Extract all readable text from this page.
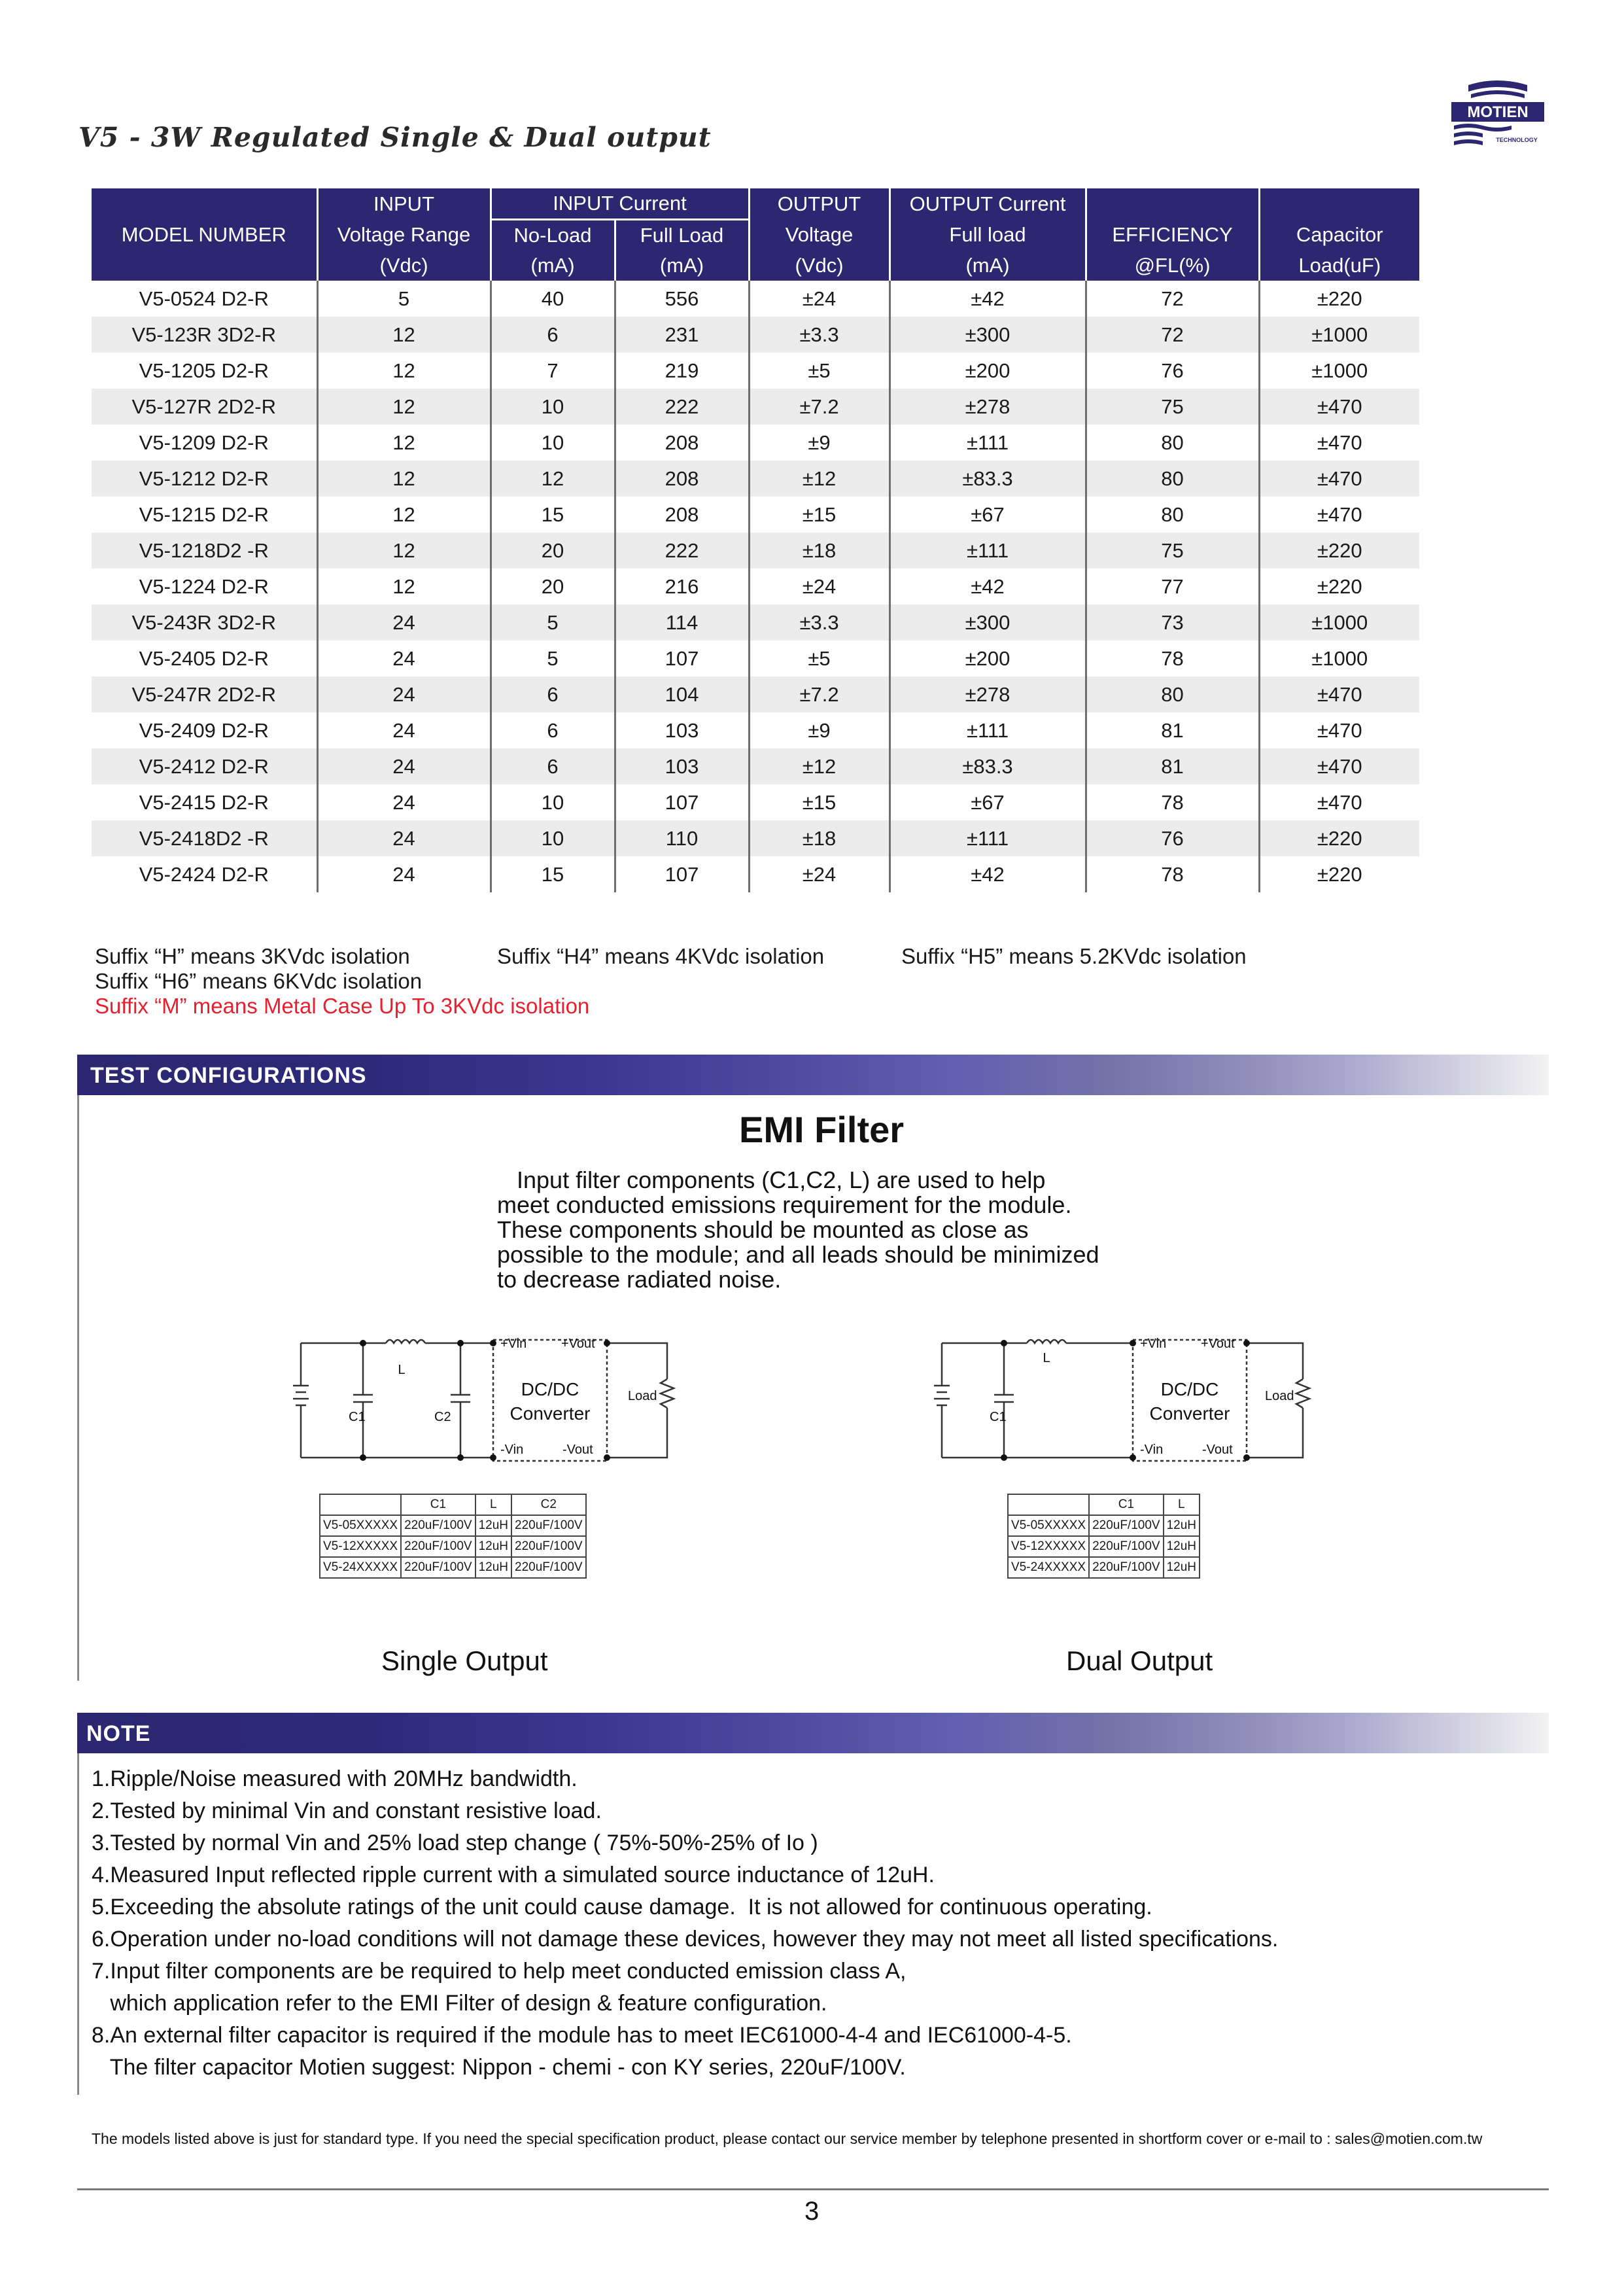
V5 - 3W Regulated Single & Dual output
MOTIEN
TECHNOLOGY
	INPUT	INPUT Current		OUTPUT	OUTPUT Current		
MODEL NUMBER	Voltage Range	No-Load	Full Load	Voltage	Full load	EFFICIENCY	Capacitor
	(Vdc)	(mA)	(mA)	(Vdc)	(mA)	@FL(%)	Load(uF)
V5-0524 D2-R	5	40	556	±24	±42	72	±220
V5-123R 3D2-R	12	6	231	±3.3	±300	72	±1000
V5-1205 D2-R	12	7	219	±5	±200	76	±1000
V5-127R 2D2-R	12	10	222	±7.2	±278	75	±470
V5-1209 D2-R	12	10	208	±9	±111	80	±470
V5-1212 D2-R	12	12	208	±12	±83.3	80	±470
V5-1215 D2-R	12	15	208	±15	±67	80	±470
V5-1218D2 -R	12	20	222	±18	±111	75	±220
V5-1224 D2-R	12	20	216	±24	±42	77	±220
V5-243R 3D2-R	24	5	114	±3.3	±300	73	±1000
V5-2405 D2-R	24	5	107	±5	±200	78	±1000
V5-247R 2D2-R	24	6	104	±7.2	±278	80	±470
V5-2409 D2-R	24	6	103	±9	±111	81	±470
V5-2412 D2-R	24	6	103	±12	±83.3	81	±470
V5-2415 D2-R	24	10	107	±15	±67	78	±470
V5-2418D2 -R	24	10	110	±18	±111	76	±220
V5-2424 D2-R	24	15	107	±24	±42	78	±220
Suffix “H” means 3KVdc isolation	Suffix “H4” means 4KVdc isolation	Suffix “H5” means 5.2KVdc isolation
Suffix “H6” means 6KVdc isolation
Suffix “M” means Metal Case Up To 3KVdc isolation
TEST CONFIGURATIONS
EMI Filter
Input filter components (C1,C2, L) are used to help
meet conducted emissions requirement for the module.
These components should be mounted as close as
possible to the module; and all leads should be minimized
to decrease radiated noise.
L
C1	C2
+Vin	+Vout
-Vin	-Vout
DC/DC
Converter
Load
	C1	L	C2
V5-05XXXXX	220uF/100V	12uH	220uF/100V
V5-12XXXXX	220uF/100V	12uH	220uF/100V
V5-24XXXXX	220uF/100V	12uH	220uF/100V
L
C1
+Vin	+Vout
-Vin	-Vout
DC/DC
Converter
Load
	C1	L
V5-05XXXXX	220uF/100V	12uH
V5-12XXXXX	220uF/100V	12uH
V5-24XXXXX	220uF/100V	12uH
Single Output	Dual Output
NOTE
1.Ripple/Noise measured with 20MHz bandwidth.
2.Tested by minimal Vin and constant resistive load.
3.Tested by normal Vin and 25% load step change ( 75%-50%-25% of Io )
4.Measured Input reflected ripple current with a simulated source inductance of 12uH.
5.Exceeding the absolute ratings of the unit could cause damage.  It is not allowed for continuous operating.
6.Operation under no-load conditions will not damage these devices, however they may not meet all listed specifications.
7.Input filter components are be required to help meet conducted emission class A,
which application refer to the EMI Filter of design & feature configuration.
8.An external filter capacitor is required if the module has to meet IEC61000-4-4 and IEC61000-4-5.
The filter capacitor Motien suggest: Nippon - chemi - con KY series, 220uF/100V.
The models listed above is just for standard type. If you need the special specification product, please contact our service member by telephone presented in shortform cover or e-mail to : sales@motien.com.tw
3
